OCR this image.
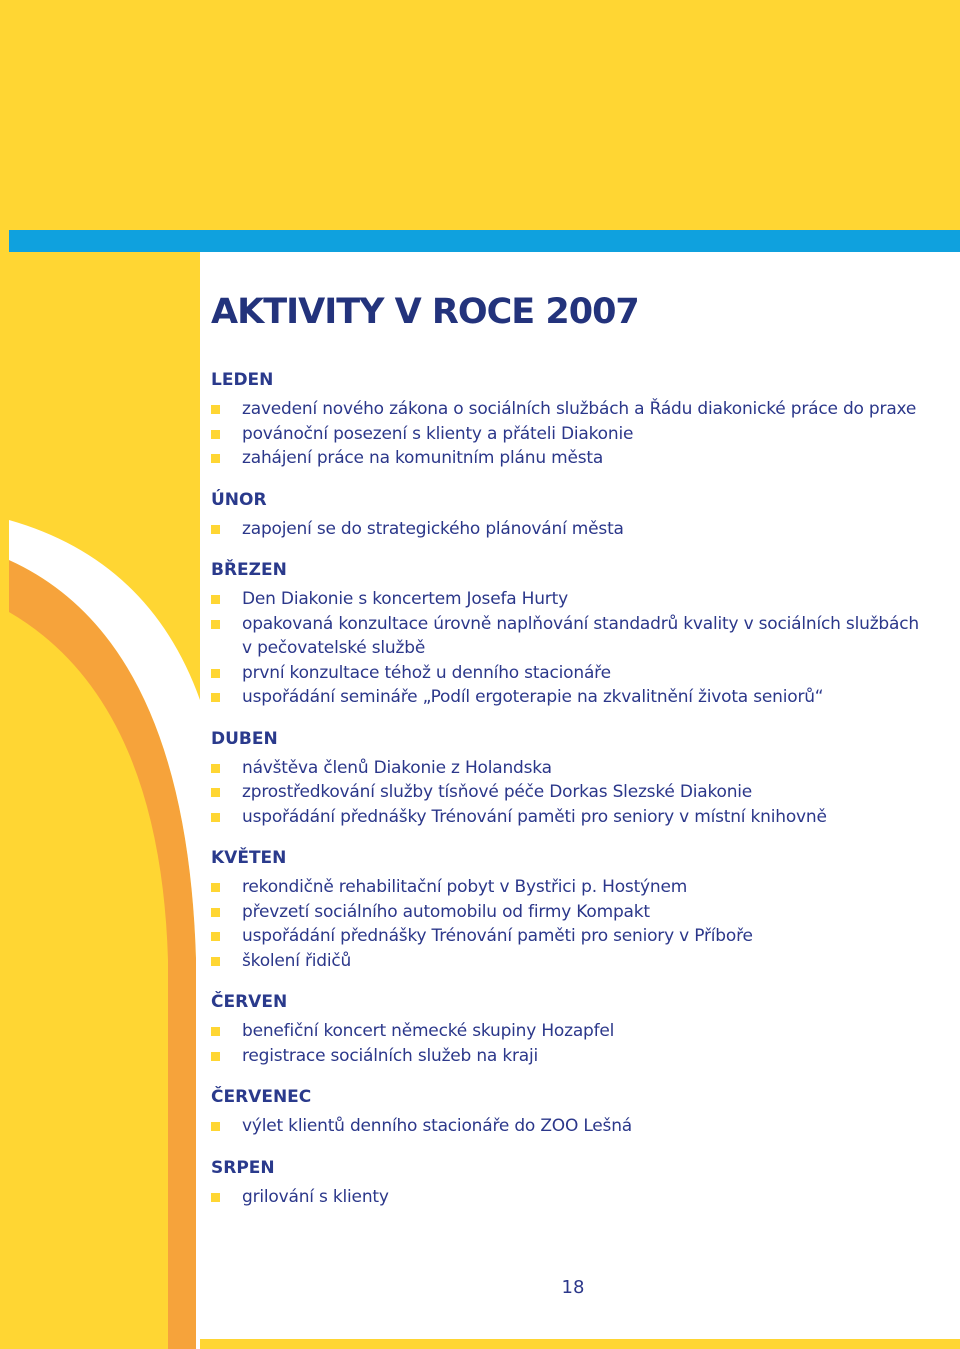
AKTIVITY V ROCE 2007
LEDEN
zavedení nového zákona o sociálních službách a Řádu diakonické práce do praxe
povánoční posezení s klienty a přáteli Diakonie
zahájení práce na komunitním plánu města
ÚNOR
zapojení se do strategického plánování města
BŘEZEN
Den Diakonie s koncertem Josefa Hurty
opakovaná konzultace úrovně naplňování standadrů kvality v sociálních službách v pečovatelské službě
první konzultace téhož u denního stacionáře
uspořádání semináře „Podíl ergoterapie na zkvalitnění života seniorů“
DUBEN
návštěva členů Diakonie z Holandska
zprostředkování služby tísňové péče Dorkas Slezské Diakonie
uspořádání přednášky Trénování paměti pro seniory v místní knihovně
KVĚTEN
rekondičně rehabilitační pobyt v Bystřici p. Hostýnem
převzetí sociálního automobilu od firmy Kompakt
uspořádání přednášky Trénování paměti pro seniory v Příboře
školení řidičů
ČERVEN
benefiční koncert německé skupiny Hozapfel
registrace sociálních služeb na kraji
ČERVENEC
výlet klientů denního stacionáře do ZOO Lešná
SRPEN
grilování s klienty
18
